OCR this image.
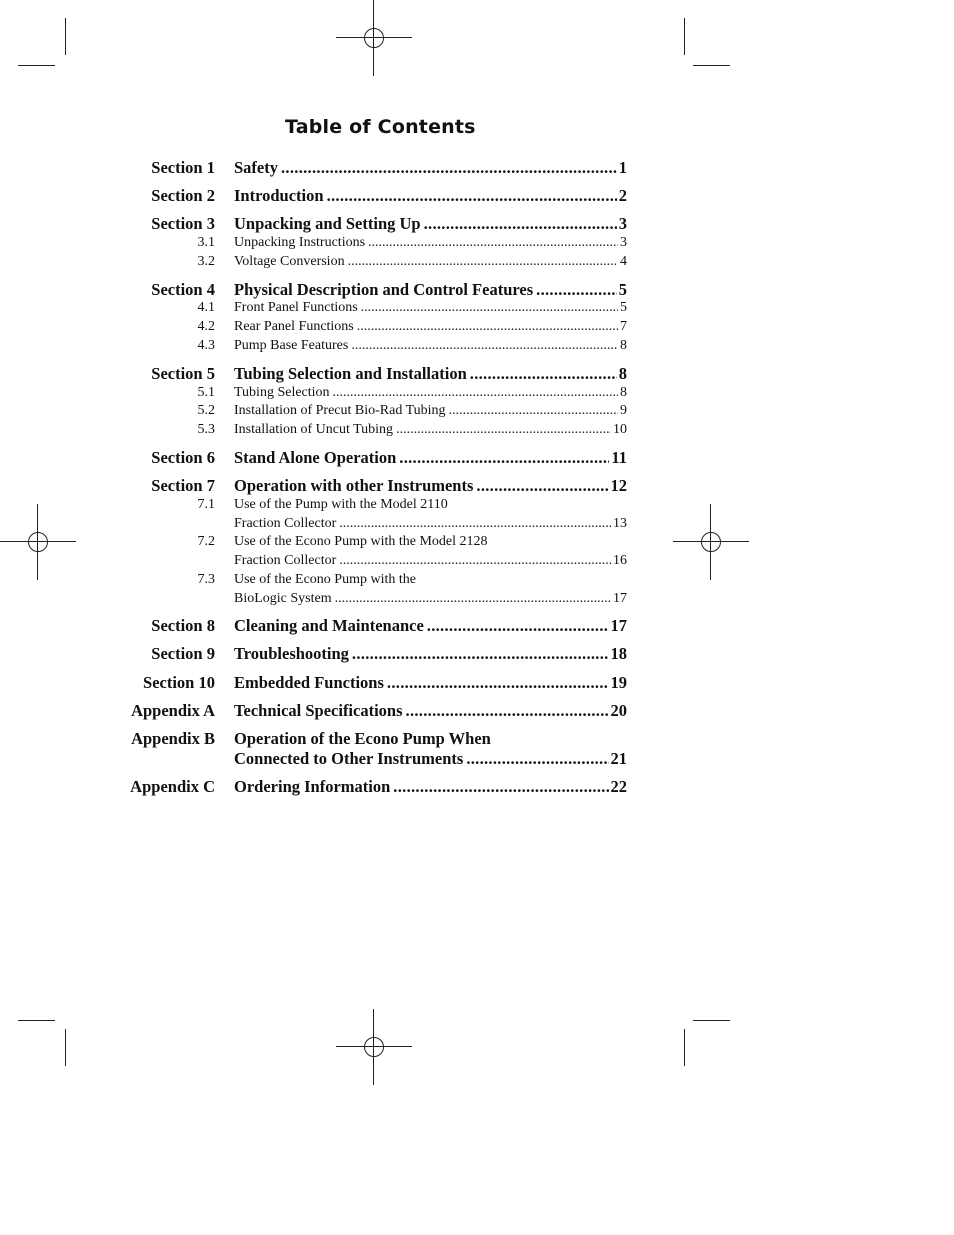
Table of Contents
Section 1 Safety .....	1
Section 2 Introduction .....	2
Section 3 Unpacking and Setting Up .....	3
3.1 Unpacking Instructions .....	3
3.2 Voltage Conversion .....	4
Section 4 Physical Description and Control Features .....	5
4.1 Front Panel Functions .....	5
4.2 Rear Panel Functions .....	7
4.3 Pump Base Features .....	8
Section 5 Tubing Selection and Installation .....	8
5.1 Tubing Selection .....	8
5.2 Installation of Precut Bio-Rad Tubing .....	9
5.3 Installation of Uncut Tubing .....	10
Section 6 Stand Alone Operation .....	11
Section 7 Operation with other Instruments .....	12
7.1 Use of the Pump with the Model 2110
Fraction Collector .....	13
7.2 Use of the Econo Pump with the Model 2128
Fraction Collector .....	16
7.3 Use of the Econo Pump with the
BioLogic System .....	17
Section 8 Cleaning and Maintenance .....	17
Section 9 Troubleshooting .....	18
Section 10 Embedded Functions .....	19
Appendix A Technical Specifications .....	20
Appendix B Operation of the Econo Pump When
Connected to Other Instruments .....	21
Appendix C Ordering Information .....	22
